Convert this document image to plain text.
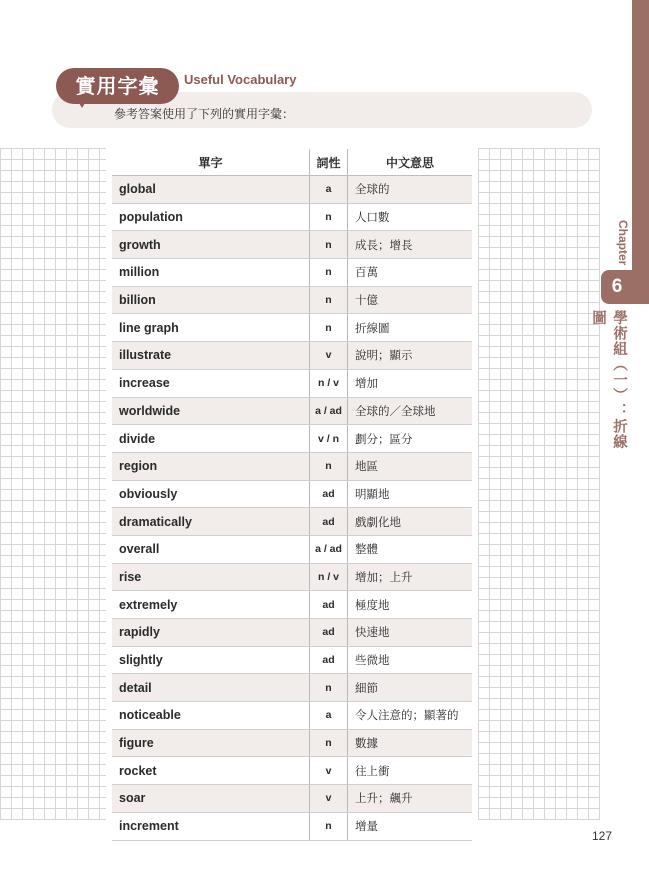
6
Chapter
學術組（一）：折線圖
參考答案使用了下列的實用字彙：
實用字彙	Useful Vocabulary
單字	詞性	中文意思
global	a	全球的
population	n	人口數
growth	n	成長；增長
million	n	百萬
billion	n	十億
line graph	n	折線圖
illustrate	v	說明；顯示
increase	n / v	增加
worldwide	a / ad	全球的／全球地
divide	v / n	劃分；區分
region	n	地區
obviously	ad	明顯地
dramatically	ad	戲劇化地
overall	a / ad	整體
rise	n / v	增加；上升
extremely	ad	極度地
rapidly	ad	快速地
slightly	ad	些微地
detail	n	細節
noticeable	a	令人注意的；顯著的
figure	n	數據
rocket	v	往上衝
soar	v	上升；飆升
increment	n	增量
127
